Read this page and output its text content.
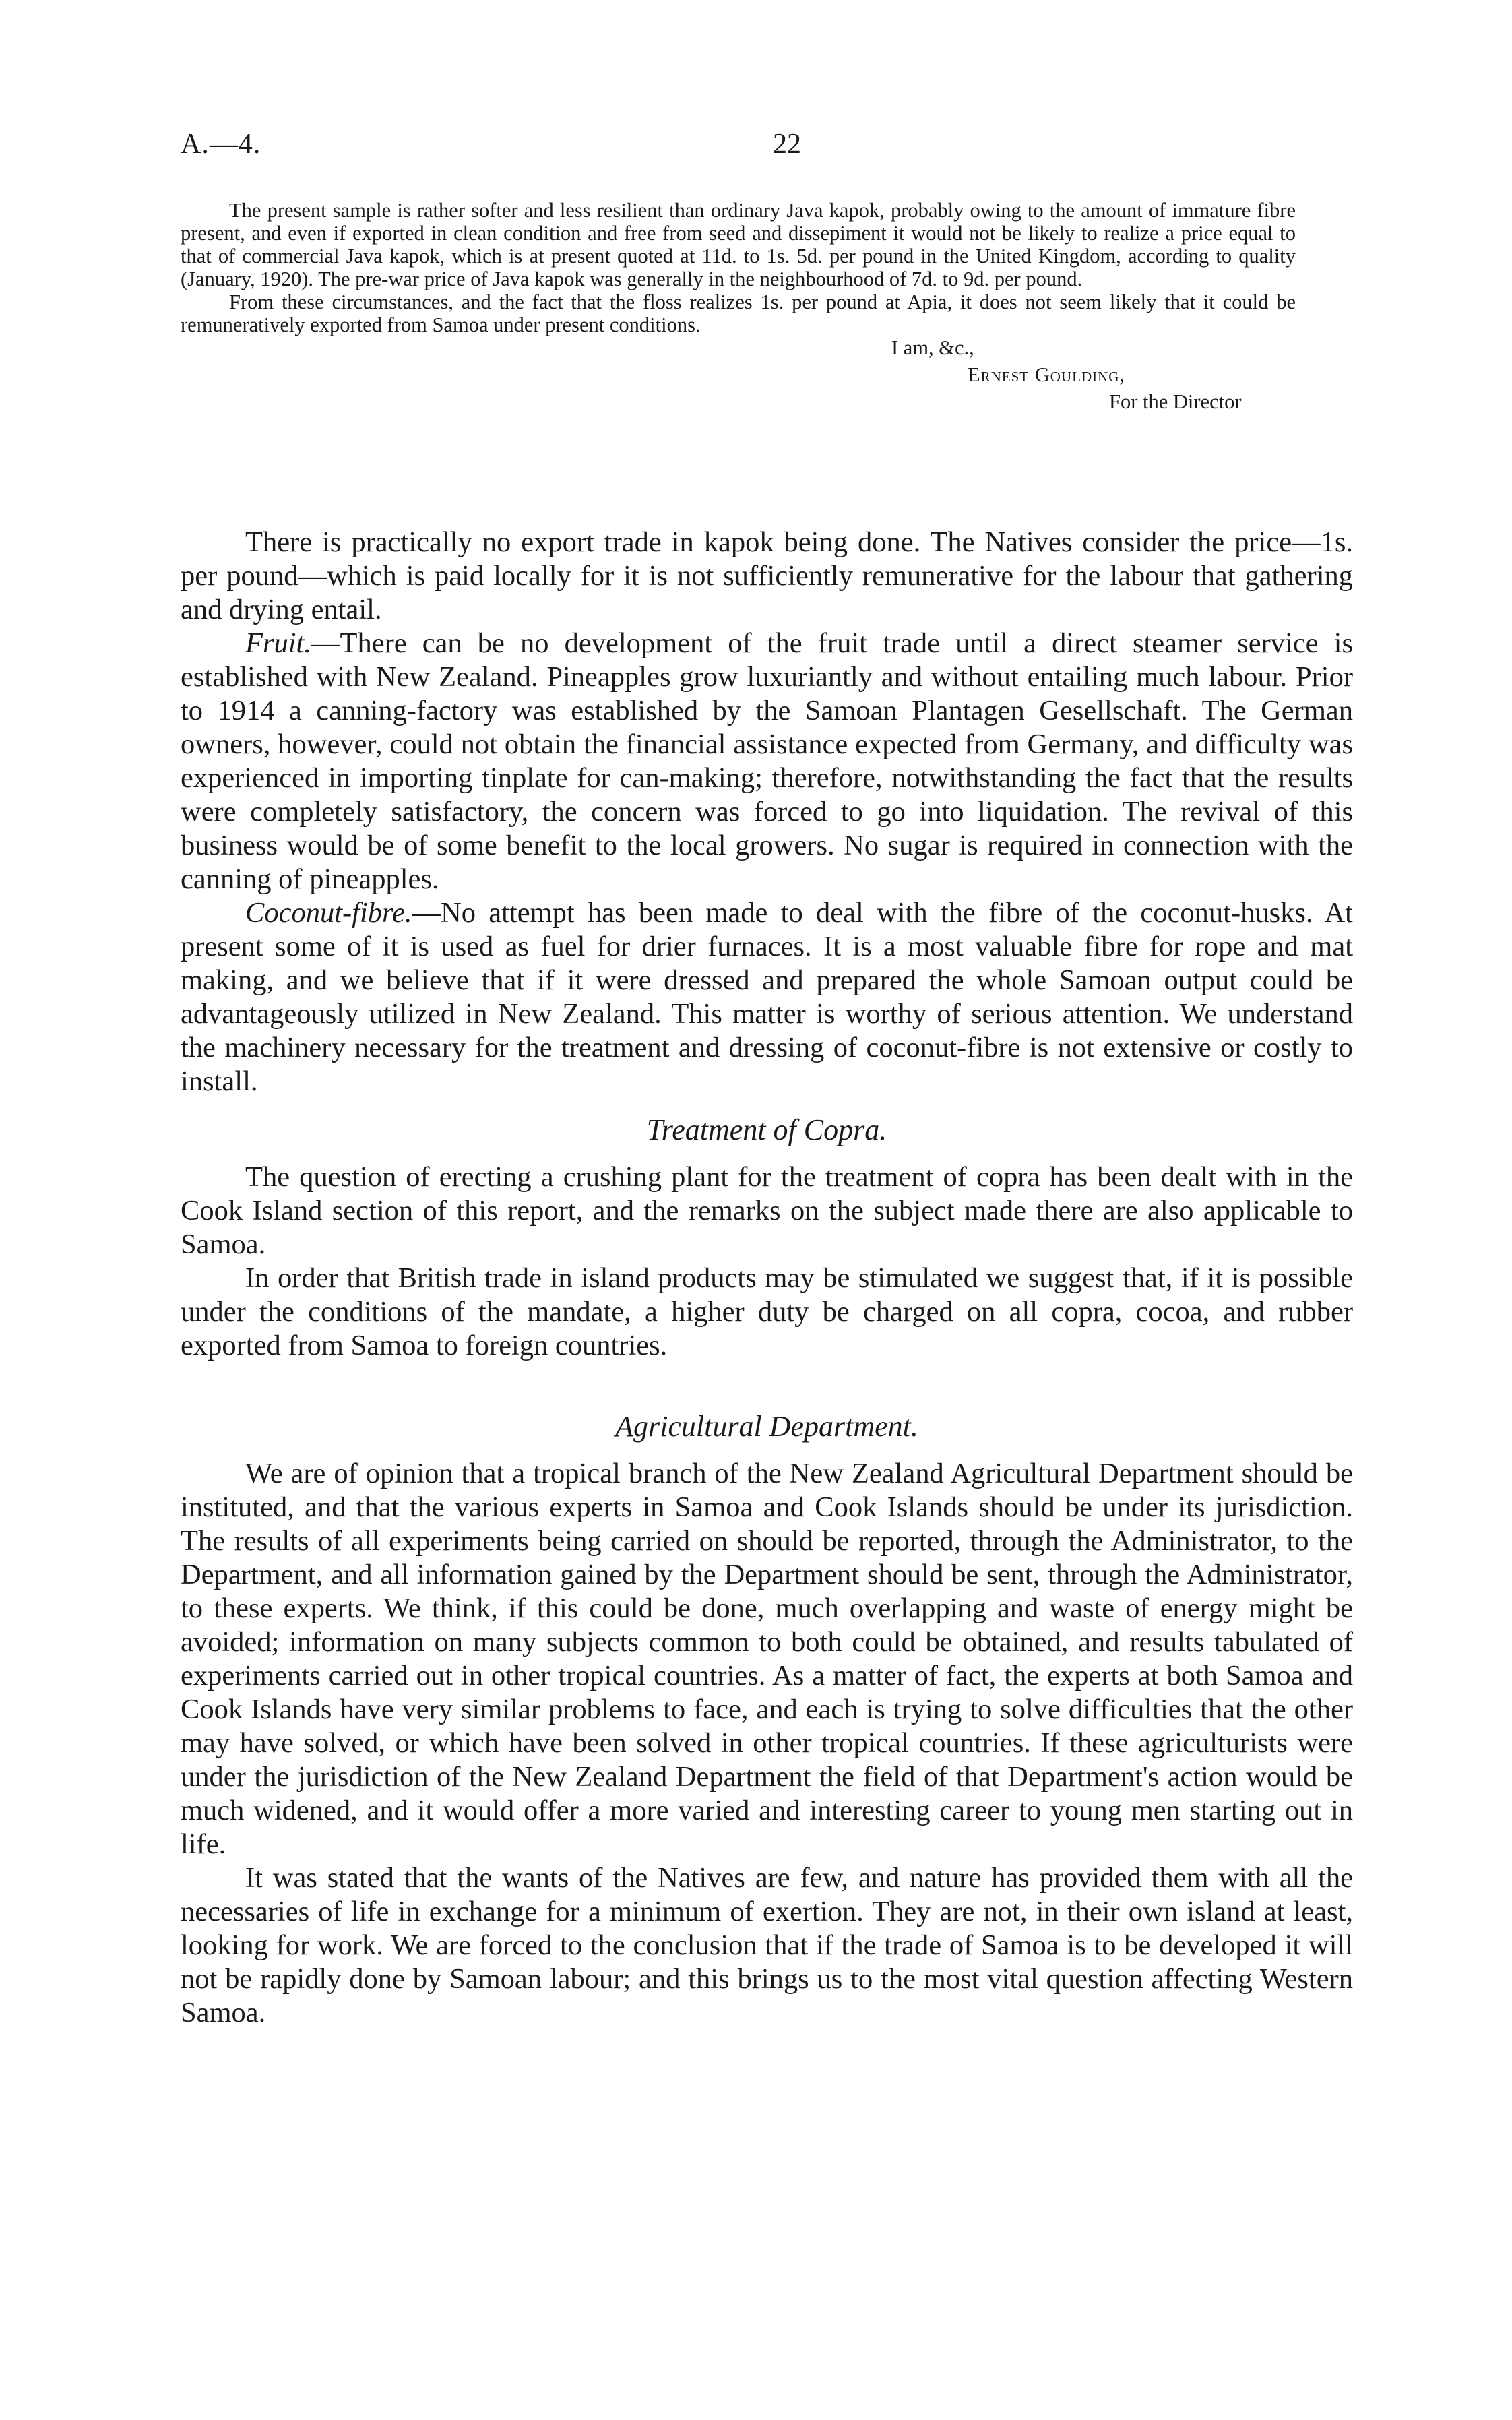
A.—4.	22

The present sample is rather softer and less resilient than ordinary Java kapok, probably owing to the amount of immature fibre present, and even if exported in clean condition and free from seed and dissepiment it would not be likely to realize a price equal to that of commercial Java kapok, which is at present quoted at 11d. to 1s. 5d. per pound in the United Kingdom, according to quality (January, 1920). The pre-war price of Java kapok was generally in the neighbourhood of 7d. to 9d. per pound.

From these circumstances, and the fact that the floss realizes 1s. per pound at Apia, it does not seem likely that it could be remuneratively exported from Samoa under present conditions.

I am, &c.,
Ernest Goulding,
For the Director

There is practically no export trade in kapok being done. The Natives consider the price—1s. per pound—which is paid locally for it is not sufficiently remunerative for the labour that gathering and drying entail.

Fruit.—There can be no development of the fruit trade until a direct steamer service is established with New Zealand. Pineapples grow luxuriantly and without entailing much labour. Prior to 1914 a canning-factory was established by the Samoan Plantagen Gesellschaft. The German owners, however, could not obtain the financial assistance expected from Germany, and difficulty was experienced in importing tinplate for can-making; therefore, notwithstanding the fact that the results were completely satisfactory, the concern was forced to go into liquidation. The revival of this business would be of some benefit to the local growers. No sugar is required in connection with the canning of pineapples.

Coconut-fibre.—No attempt has been made to deal with the fibre of the coconut-husks. At present some of it is used as fuel for drier furnaces. It is a most valuable fibre for rope and mat making, and we believe that if it were dressed and prepared the whole Samoan output could be advantageously utilized in New Zealand. This matter is worthy of serious attention. We understand the machinery necessary for the treatment and dressing of coconut-fibre is not extensive or costly to install.

Treatment of Copra.

The question of erecting a crushing plant for the treatment of copra has been dealt with in the Cook Island section of this report, and the remarks on the subject made there are also applicable to Samoa.

In order that British trade in island products may be stimulated we suggest that, if it is possible under the conditions of the mandate, a higher duty be charged on all copra, cocoa, and rubber exported from Samoa to foreign countries.

Agricultural Department.

We are of opinion that a tropical branch of the New Zealand Agricultural Department should be instituted, and that the various experts in Samoa and Cook Islands should be under its jurisdiction. The results of all experiments being carried on should be reported, through the Administrator, to the Department, and all information gained by the Department should be sent, through the Administrator, to these experts. We think, if this could be done, much overlapping and waste of energy might be avoided; information on many subjects common to both could be obtained, and results tabulated of experiments carried out in other tropical countries. As a matter of fact, the experts at both Samoa and Cook Islands have very similar problems to face, and each is trying to solve difficulties that the other may have solved, or which have been solved in other tropical countries. If these agriculturists were under the jurisdiction of the New Zealand Department the field of that Department's action would be much widened, and it would offer a more varied and interesting career to young men starting out in life.

It was stated that the wants of the Natives are few, and nature has provided them with all the necessaries of life in exchange for a minimum of exertion. They are not, in their own island at least, looking for work. We are forced to the conclusion that if the trade of Samoa is to be developed it will not be rapidly done by Samoan labour; and this brings us to the most vital question affecting Western Samoa.
